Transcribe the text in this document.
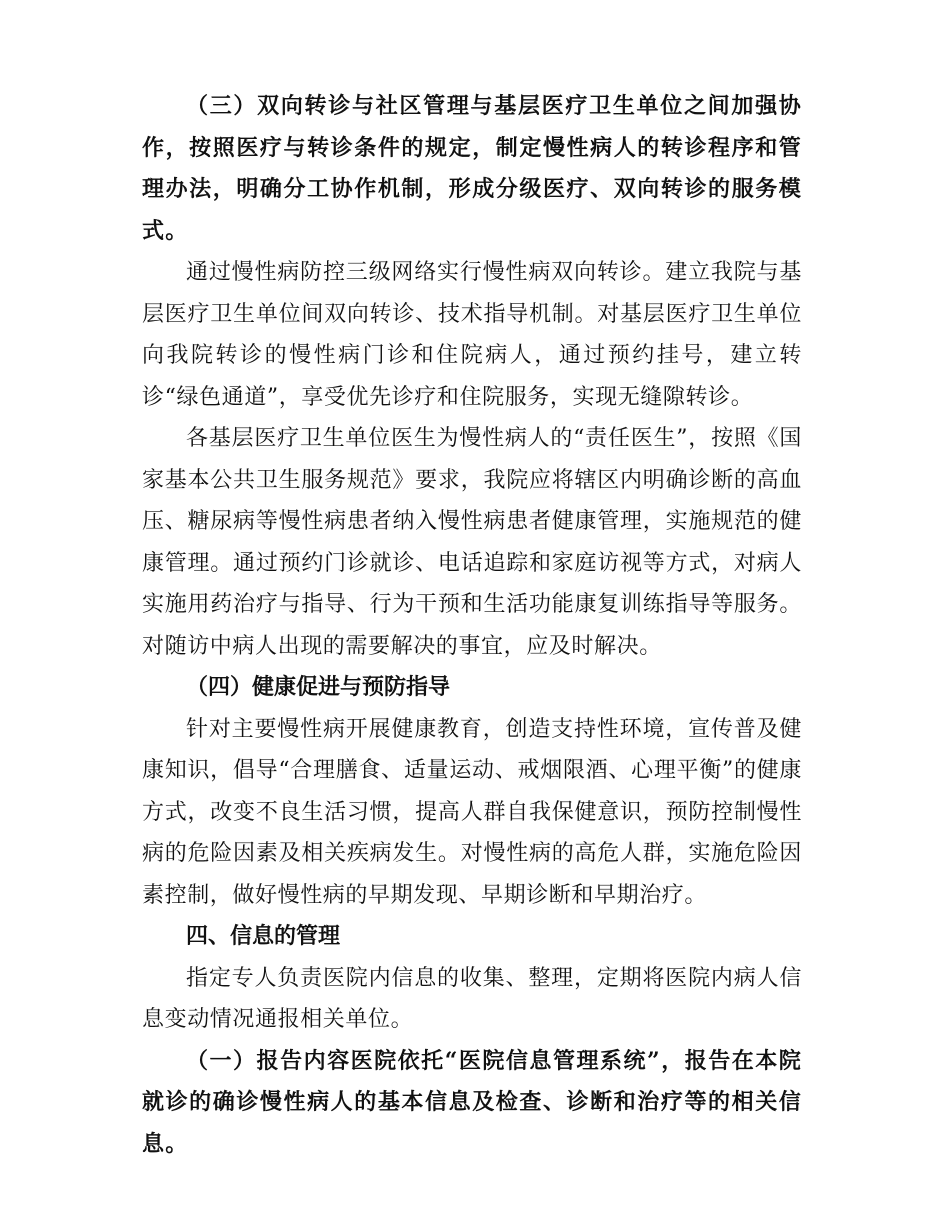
（三）双向转诊与社区管理与基层医疗卫生单位之间加强协作，按照医疗与转诊条件的规定，制定慢性病人的转诊程序和管理办法，明确分工协作机制，形成分级医疗、双向转诊的服务模式。

通过慢性病防控三级网络实行慢性病双向转诊。建立我院与基层医疗卫生单位间双向转诊、技术指导机制。对基层医疗卫生单位向我院转诊的慢性病门诊和住院病人，通过预约挂号，建立转诊“绿色通道”，享受优先诊疗和住院服务，实现无缝隙转诊。

各基层医疗卫生单位医生为慢性病人的“责任医生”，按照《国家基本公共卫生服务规范》要求，我院应将辖区内明确诊断的高血压、糖尿病等慢性病患者纳入慢性病患者健康管理，实施规范的健康管理。通过预约门诊就诊、电话追踪和家庭访视等方式，对病人实施用药治疗与指导、行为干预和生活功能康复训练指导等服务。对随访中病人出现的需要解决的事宜，应及时解决。

（四）健康促进与预防指导

针对主要慢性病开展健康教育，创造支持性环境，宣传普及健康知识，倡导“合理膳食、适量运动、戒烟限酒、心理平衡”的健康方式，改变不良生活习惯，提高人群自我保健意识，预防控制慢性病的危险因素及相关疾病发生。对慢性病的高危人群，实施危险因素控制，做好慢性病的早期发现、早期诊断和早期治疗。

四、信息的管理

指定专人负责医院内信息的收集、整理，定期将医院内病人信息变动情况通报相关单位。

（一）报告内容医院依托“医院信息管理系统”，报告在本院就诊的确诊慢性病人的基本信息及检查、诊断和治疗等的相关信息。
